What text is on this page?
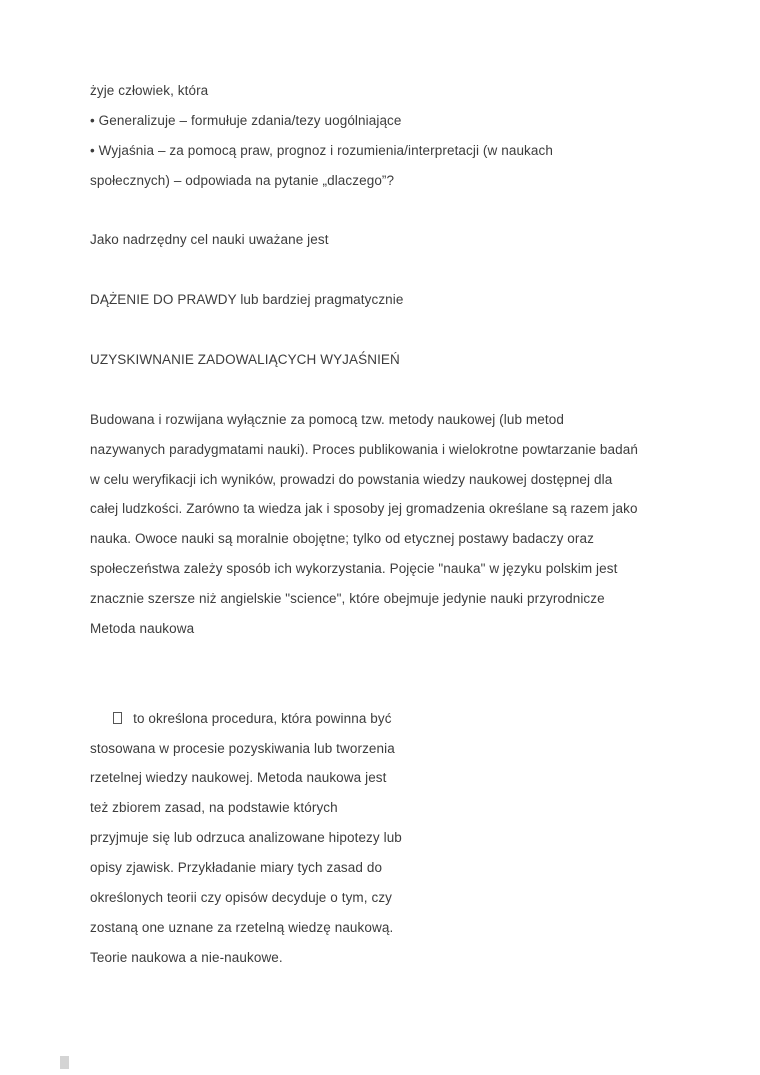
żyje człowiek, która
• Generalizuje – formułuje zdania/tezy uogólniające
• Wyjaśnia – za pomocą praw, prognoz i rozumienia/interpretacji (w naukach
społecznych) – odpowiada na pytanie „dlaczego”?
Jako nadrzędny cel nauki uważane jest
DĄŻENIE DO PRAWDY lub bardziej pragmatycznie
UZYSKIWNANIE ZADOWALIĄCYCH WYJAŚNIEŃ
Budowana i rozwijana wyłącznie za pomocą tzw. metody naukowej (lub metod
nazywanych paradygmatami nauki). Proces publikowania i wielokrotne powtarzanie badań
w celu weryfikacji ich wyników, prowadzi do powstania wiedzy naukowej dostępnej dla
całej ludzkości. Zarówno ta wiedza jak i sposoby jej gromadzenia określane są razem jako
nauka. Owoce nauki są moralnie obojętne; tylko od etycznej postawy badaczy oraz
społeczeństwa zależy sposób ich wykorzystania. Pojęcie "nauka" w języku polskim jest
znacznie szersze niż angielskie "science", które obejmuje jedynie nauki przyrodnicze
Metoda naukowa

to określona procedura, która powinna być

stosowana w procesie pozyskiwania lub tworzenia
rzetelnej wiedzy naukowej. Metoda naukowa jest
też zbiorem zasad, na podstawie których
przyjmuje się lub odrzuca analizowane hipotezy lub
opisy zjawisk. Przykładanie miary tych zasad do
określonych teorii czy opisów decyduje o tym, czy
zostaną one uznane za rzetelną wiedzę naukową.
Teorie naukowa a nie-naukowe.
